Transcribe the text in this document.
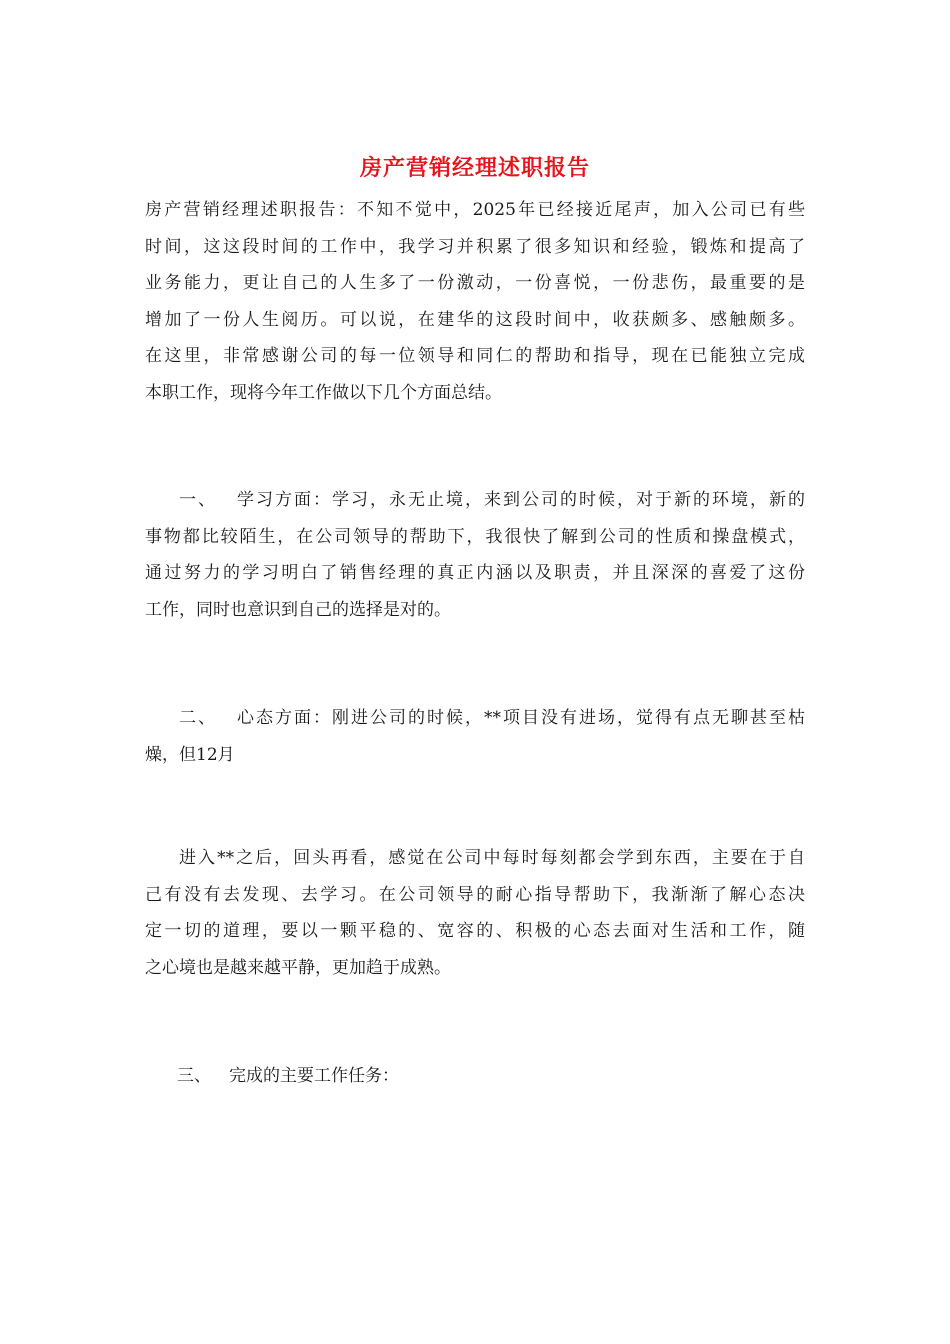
房产营销经理述职报告
房产营销经理述职报告：不知不觉中，2025年已经接近尾声，加入公司已有些
时间，这这段时间的工作中，我学习并积累了很多知识和经验，锻炼和提高了
业务能力，更让自己的人生多了一份激动，一份喜悦，一份悲伤，最重要的是
增加了一份人生阅历。可以说，在建华的这段时间中，收获颇多、感触颇多。
在这里，非常感谢公司的每一位领导和同仁的帮助和指导，现在已能独立完成
本职工作，现将今年工作做以下几个方面总结。
一、 学习方面：学习，永无止境，来到公司的时候，对于新的环境，新的
事物都比较陌生，在公司领导的帮助下，我很快了解到公司的性质和操盘模式，
通过努力的学习明白了销售经理的真正内涵以及职责，并且深深的喜爱了这份
工作，同时也意识到自己的选择是对的。
二、 心态方面：刚进公司的时候，**项目没有进场，觉得有点无聊甚至枯
燥，但12月
进入**之后，回头再看，感觉在公司中每时每刻都会学到东西，主要在于自
己有没有去发现、去学习。在公司领导的耐心指导帮助下，我渐渐了解心态决
定一切的道理，要以一颗平稳的、宽容的、积极的心态去面对生活和工作，随
之心境也是越来越平静，更加趋于成熟。
三、 完成的主要工作任务：
